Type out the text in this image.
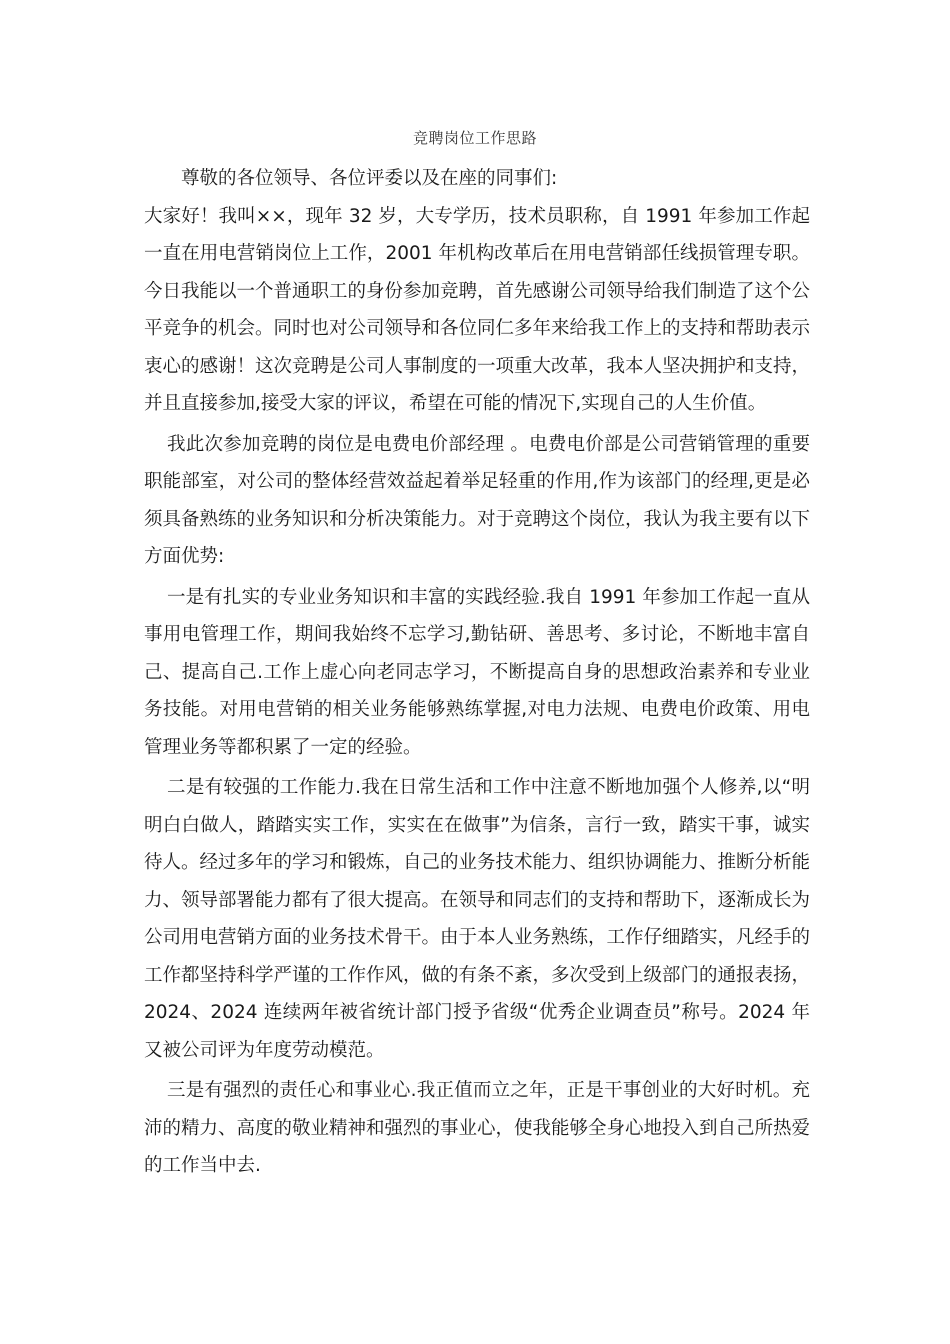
竞聘岗位工作思路

尊敬的各位领导、各位评委以及在座的同事们:

大家好！我叫××，现年 32 岁，大专学历，技术员职称，自 1991 年参加工作起一直在用电营销岗位上工作，2001 年机构改革后在用电营销部任线损管理专职。今日我能以一个普通职工的身份参加竞聘，首先感谢公司领导给我们制造了这个公平竞争的机会。同时也对公司领导和各位同仁多年来给我工作上的支持和帮助表示衷心的感谢！这次竞聘是公司人事制度的一项重大改革，我本人坚决拥护和支持，并且直接参加,接受大家的评议，希望在可能的情况下,实现自己的人生价值。

我此次参加竞聘的岗位是电费电价部经理 。电费电价部是公司营销管理的重要职能部室，对公司的整体经营效益起着举足轻重的作用,作为该部门的经理,更是必须具备熟练的业务知识和分析决策能力。对于竞聘这个岗位，我认为我主要有以下方面优势:

一是有扎实的专业业务知识和丰富的实践经验.我自 1991 年参加工作起一直从事用电管理工作，期间我始终不忘学习,勤钻研、善思考、多讨论，不断地丰富自己、提高自己.工作上虚心向老同志学习，不断提高自身的思想政治素养和专业业务技能。对用电营销的相关业务能够熟练掌握,对电力法规、电费电价政策、用电管理业务等都积累了一定的经验。

二是有较强的工作能力.我在日常生活和工作中注意不断地加强个人修养,以“明明白白做人，踏踏实实工作，实实在在做事”为信条，言行一致，踏实干事，诚实待人。经过多年的学习和锻炼，自己的业务技术能力、组织协调能力、推断分析能力、领导部署能力都有了很大提高。在领导和同志们的支持和帮助下，逐渐成长为公司用电营销方面的业务技术骨干。由于本人业务熟练，工作仔细踏实，凡经手的工作都坚持科学严谨的工作作风，做的有条不紊，多次受到上级部门的通报表扬，2024、2024 连续两年被省统计部门授予省级“优秀企业调查员”称号。2024 年又被公司评为年度劳动模范。

三是有强烈的责任心和事业心.我正值而立之年，正是干事创业的大好时机。充沛的精力、高度的敬业精神和强烈的事业心，使我能够全身心地投入到自己所热爱的工作当中去.
